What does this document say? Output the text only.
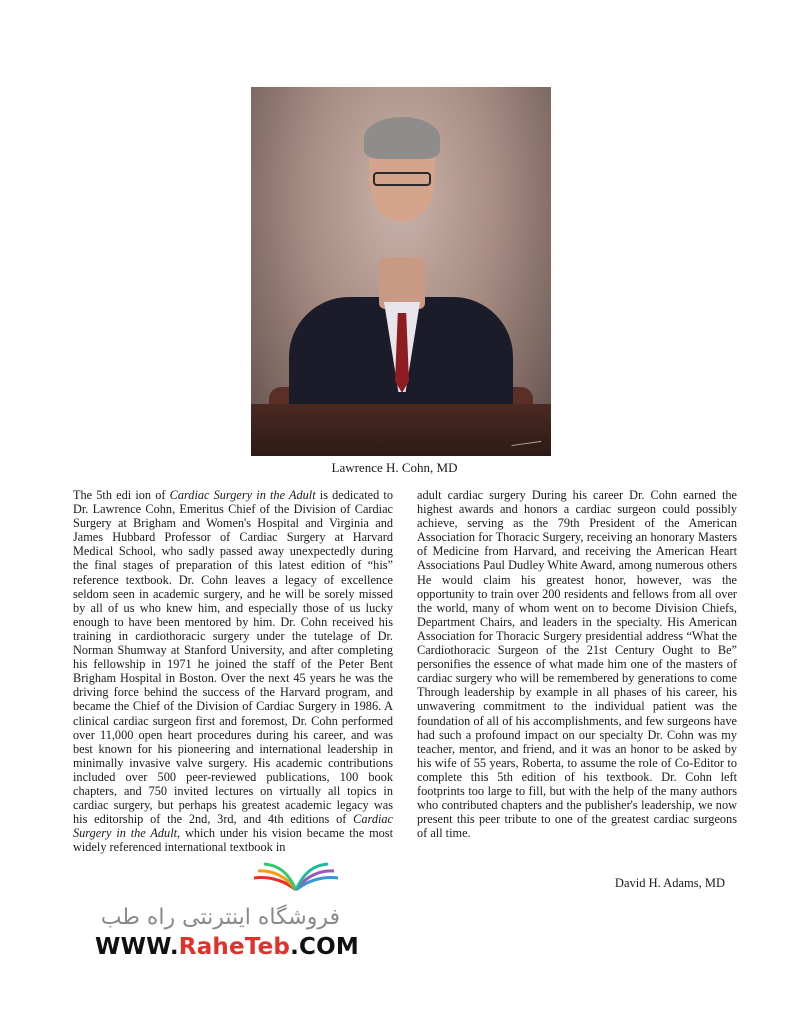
Lawrence H. Cohn, MD
The 5th edi ion of Cardiac Surgery in the Adult is dedicated to Dr. Lawrence Cohn, Emeritus Chief of the Division of Cardiac Surgery at Brigham and Women's Hospital and Virginia and James Hubbard Professor of Cardiac Surgery at Harvard Medical School, who sadly passed away unexpectedly during the final stages of preparation of this latest edition of “his” reference textbook. Dr. Cohn leaves a legacy of excellence seldom seen in academic surgery, and he will be sorely missed by all of us who knew him, and especially those of us lucky enough to have been mentored by him. Dr. Cohn received his training in cardiothoracic surgery under the tutelage of Dr. Norman Shumway at Stanford University, and after completing his fellowship in 1971 he joined the staff of the Peter Bent Brigham Hospital in Boston. Over the next 45 years he was the driving force behind the success of the Harvard program, and became the Chief of the Division of Cardiac Surgery in 1986. A clinical cardiac surgeon first and foremost, Dr. Cohn performed over 11,000 open heart procedures during his career, and was best known for his pioneering and international leadership in minimally invasive valve surgery. His academic contributions included over 500 peer-reviewed publications, 100 book chapters, and 750 invited lectures on virtually all topics in cardiac surgery, but perhaps his greatest academic legacy was his editorship of the 2nd, 3rd, and 4th editions of Cardiac Surgery in the Adult, which under his vision became the most widely referenced international textbook in
adult cardiac surgery During his career Dr. Cohn earned the highest awards and honors a cardiac surgeon could possibly achieve, serving as the 79th President of the American Association for Thoracic Surgery, receiving an honorary Masters of Medicine from Harvard, and receiving the American Heart Associations Paul Dudley White Award, among numerous others He would claim his greatest honor, however, was the opportunity to train over 200 residents and fellows from all over the world, many of whom went on to become Division Chiefs, Department Chairs, and leaders in the specialty. His American Association for Thoracic Surgery presidential address “What the Cardiothoracic Surgeon of the 21st Century Ought to Be” personifies the essence of what made him one of the masters of cardiac surgery who will be remembered by generations to come Through leadership by example in all phases of his career, his unwavering commitment to the individual patient was the foundation of all of his accomplishments, and few surgeons have had such a profound impact on our specialty Dr. Cohn was my teacher, mentor, and friend, and it was an honor to be asked by his wife of 55 years, Roberta, to assume the role of Co-Editor to complete this 5th edition of his textbook. Dr. Cohn left footprints too large to fill, but with the help of the many authors who contributed chapters and the publisher's leadership, we now present this peer tribute to one of the greatest cardiac surgeons of all time.
David H. Adams, MD
فروشگاه اینترنتی راه طب
WWW.RaheTeb.COM
